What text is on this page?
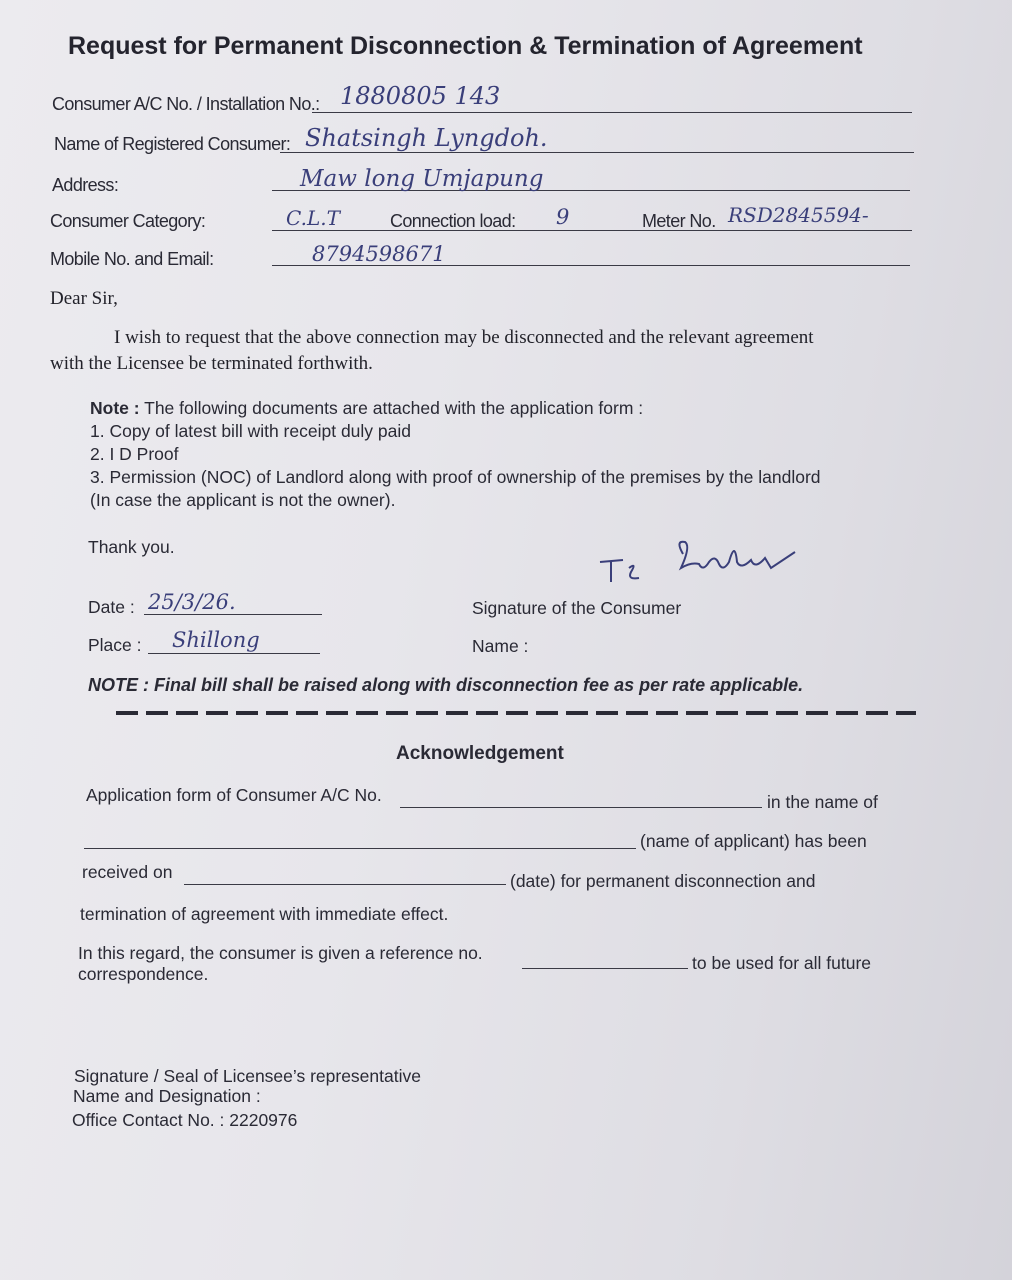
Request for Permanent Disconnection & Termination of Agreement
Consumer A/C No. / Installation No.: 1880805 143
Name of Registered Consumer: Shatsingh Lyngdoh.
Address:	Maw long Umjapung
Consumer Category:	C.L.T	Connection load: 9	Meter No. RSD2845594-
Mobile No. and Email:	8794598671
Dear Sir,
I wish to request that the above connection may be disconnected and the relevant agreement
with the Licensee be terminated forthwith.
Note : The following documents are attached with the application form :
1. Copy of latest bill with receipt duly paid
2. I D Proof
3. Permission (NOC) of Landlord along with proof of ownership of the premises by the landlord
(In case the applicant is not the owner).
Thank you.
Date : 25/3/26.	Signature of the Consumer
Place : Shillong	Name :
NOTE : Final bill shall be raised along with disconnection fee as per rate applicable.
Acknowledgement
Application form of Consumer A/C No.	in the name of
(name of applicant) has been
received on	(date) for permanent disconnection and
termination of agreement with immediate effect.
In this regard, the consumer is given a reference no.	to be used for all future
correspondence.
Signature / Seal of Licensee’s representative
Name and Designation :
Office Contact No. : 2220976
